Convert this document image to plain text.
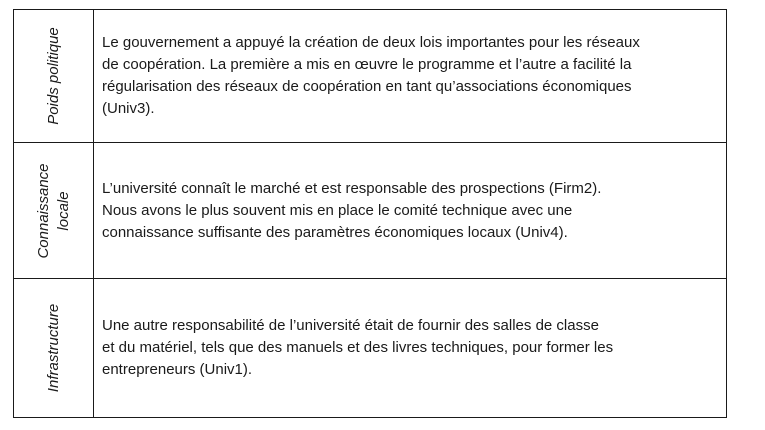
Poids politique	Le gouvernement a appuyé la création de deux lois importantes pour les réseaux
de coopération. La première a mis en œuvre le programme et l’autre a facilité la
régularisation des réseaux de coopération en tant qu’associations économiques
(Univ3).
Connaissance locale
L’université connaît le marché et est responsable des prospections (Firm2).
Nous avons le plus souvent mis en place le comité technique avec une
connaissance suffisante des paramètres économiques locaux (Univ4).
Infrastructure	Une autre responsabilité de l’université était de fournir des salles de classe
et du matériel, tels que des manuels et des livres techniques, pour former les
entrepreneurs (Univ1).
